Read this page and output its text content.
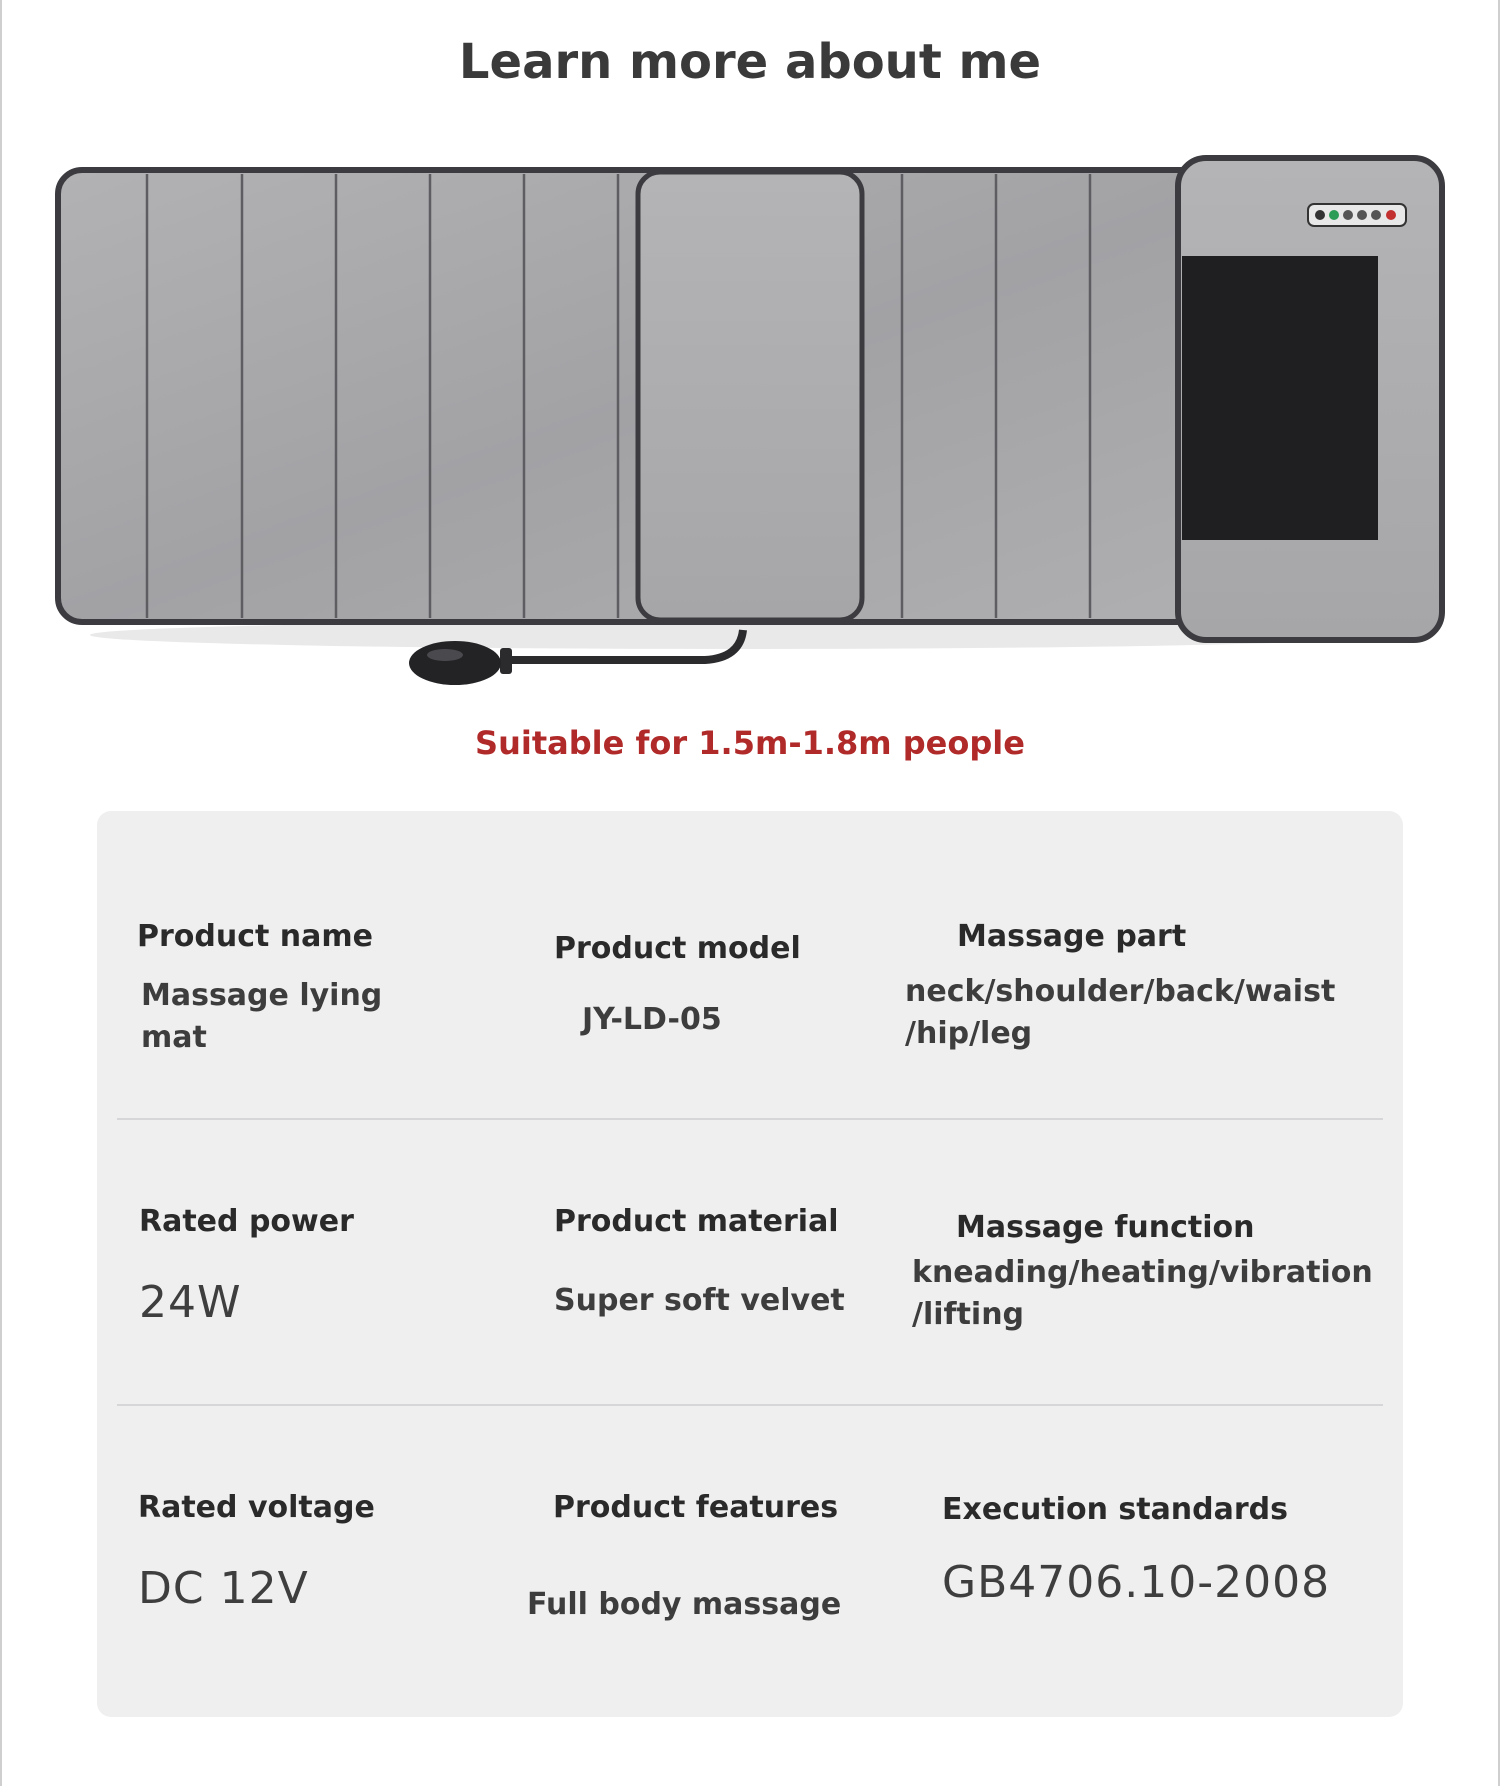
Learn more about me
Suitable for 1.5m-1.8m people
Product name
Massage lying mat
Product model
JY-LD-05
Massage part
neck/shoulder/back/waist /hip/leg
Rated power
24W
Product material
Super soft velvet
Massage function
kneading/heating/vibration /lifting
Rated voltage
DC 12V
Product features
Full body massage
Execution standards
GB4706.10-2008
